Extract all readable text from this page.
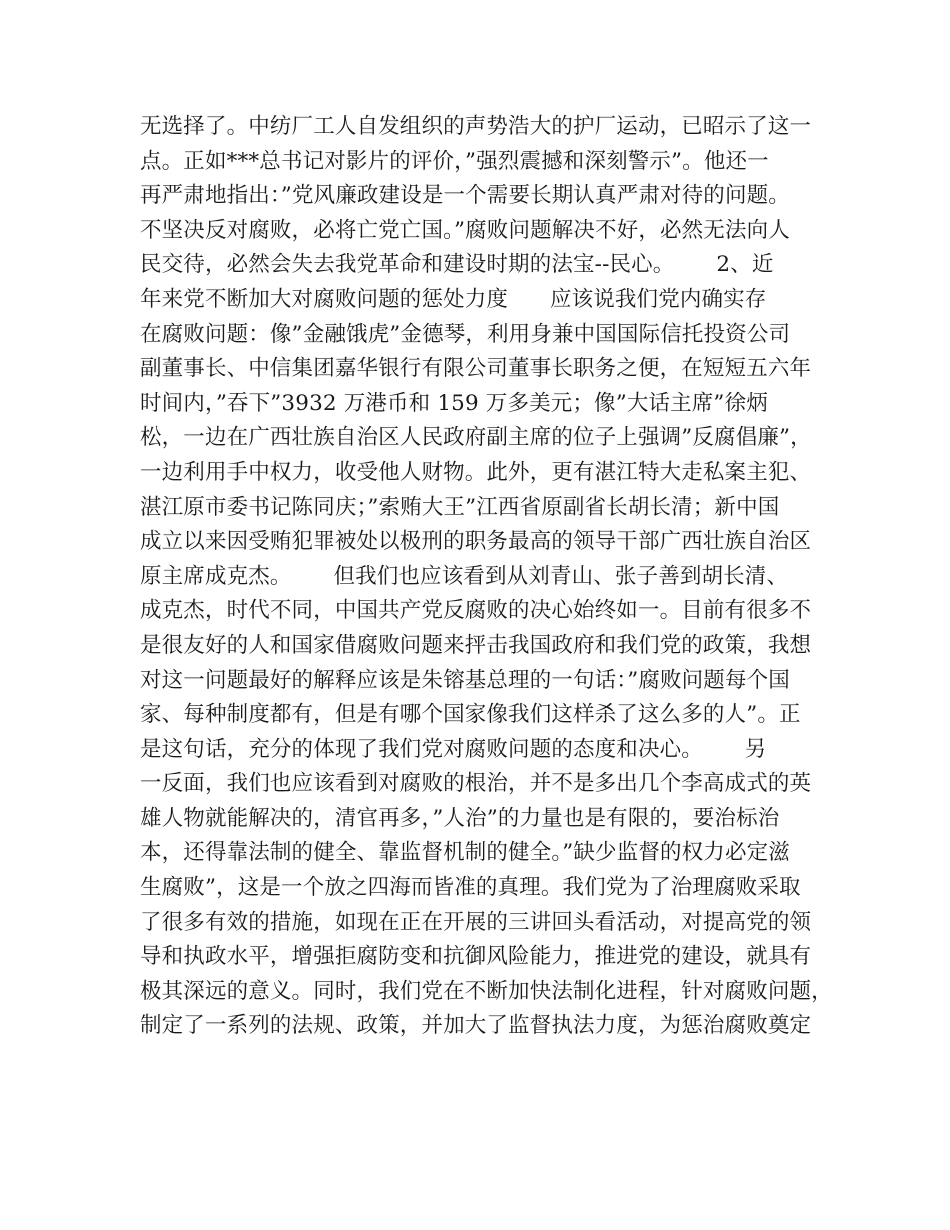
无选择了。中纺厂工人自发组织的声势浩大的护厂运动，已昭示了这一
点。正如***总书记对影片的评价，”强烈震撼和深刻警示”。他还一
再严肃地指出：”党风廉政建设是一个需要长期认真严肃对待的问题。
不坚决反对腐败，必将亡党亡国。”腐败问题解决不好，必然无法向人
民交待，必然会失去我党革命和建设时期的法宝--民心。      2、近
年来党不断加大对腐败问题的惩处力度      应该说我们党内确实存
在腐败问题：像”金融饿虎”金德琴，利用身兼中国国际信托投资公司
副董事长、中信集团嘉华银行有限公司董事长职务之便，在短短五六年
时间内，”吞下”3932 万港币和 159 万多美元；像”大话主席”徐炳
松，一边在广西壮族自治区人民政府副主席的位子上强调”反腐倡廉”，
一边利用手中权力，收受他人财物。此外，更有湛江特大走私案主犯、
湛江原市委书记陈同庆；”索贿大王”江西省原副省长胡长清；新中国
成立以来因受贿犯罪被处以极刑的职务最高的领导干部广西壮族自治区
原主席成克杰。      但我们也应该看到从刘青山、张子善到胡长清、
成克杰，时代不同，中国共产党反腐败的决心始终如一。目前有很多不
是很友好的人和国家借腐败问题来抨击我国政府和我们党的政策，我想
对这一问题最好的解释应该是朱镕基总理的一句话：”腐败问题每个国
家、每种制度都有，但是有哪个国家像我们这样杀了这么多的人”。正
是这句话，充分的体现了我们党对腐败问题的态度和决心。      另
一反面，我们也应该看到对腐败的根治，并不是多出几个李高成式的英
雄人物就能解决的，清官再多，”人治”的力量也是有限的，要治标治
本，还得靠法制的健全、靠监督机制的健全。”缺少监督的权力必定滋
生腐败”，这是一个放之四海而皆准的真理。我们党为了治理腐败采取
了很多有效的措施，如现在正在开展的三讲回头看活动，对提高党的领
导和执政水平，增强拒腐防变和抗御风险能力，推进党的建设，就具有
极其深远的意义。同时，我们党在不断加快法制化进程，针对腐败问题，
制定了一系列的法规、政策，并加大了监督执法力度，为惩治腐败奠定
